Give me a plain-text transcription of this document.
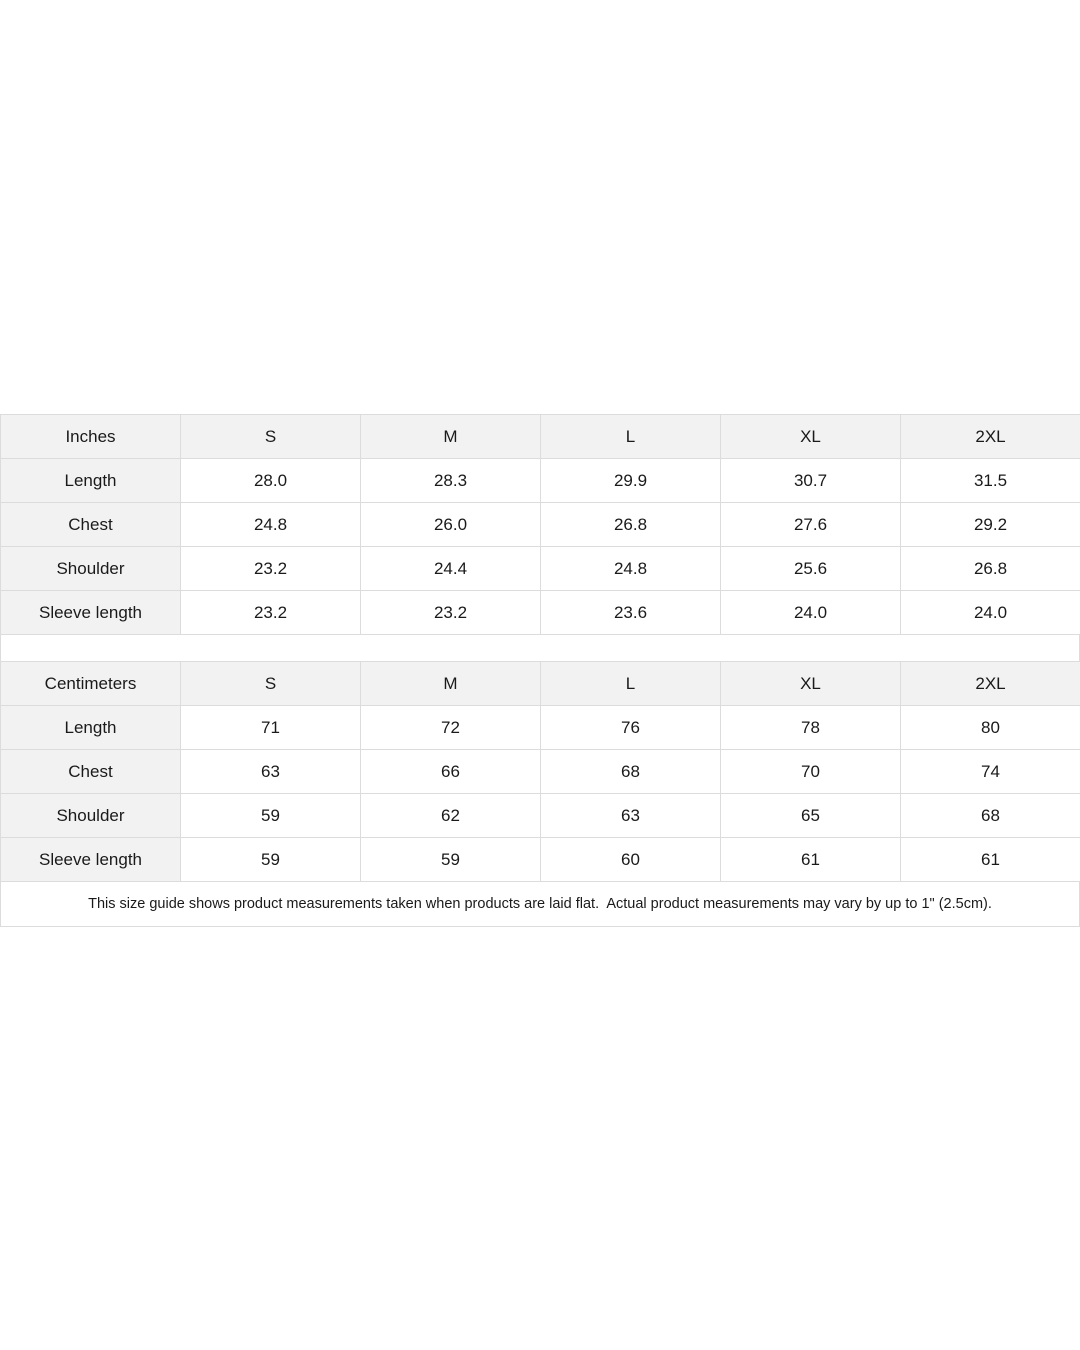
Inches	S	M	L	XL	2XL
Length	28.0	28.3	29.9	30.7	31.5
Chest	24.8	26.0	26.8	27.6	29.2
Shoulder	23.2	24.4	24.8	25.6	26.8
Sleeve length	23.2	23.2	23.6	24.0	24.0
Centimeters	S	M	L	XL	2XL
Length	71	72	76	78	80
Chest	63	66	68	70	74
Shoulder	59	62	63	65	68
Sleeve length	59	59	60	61	61
This size guide shows product measurements taken when products are laid flat.  Actual product measurements may vary by up to 1" (2.5cm).
